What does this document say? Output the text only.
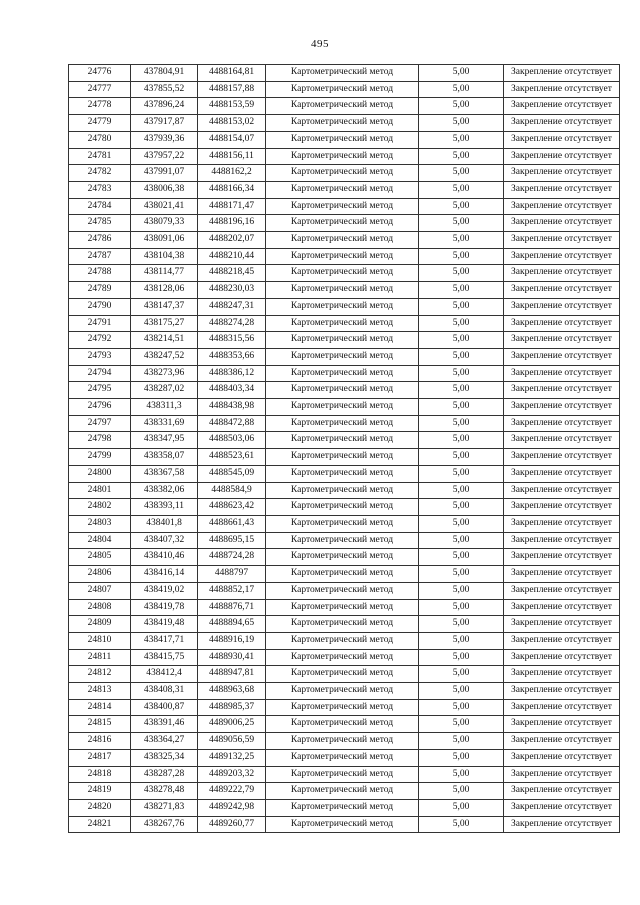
495
24776	437804,91	4488164,81	Картометрический метод	5,00	Закрепление отсутствует
24777	437855,52	4488157,88	Картометрический метод	5,00	Закрепление отсутствует
24778	437896,24	4488153,59	Картометрический метод	5,00	Закрепление отсутствует
24779	437917,87	4488153,02	Картометрический метод	5,00	Закрепление отсутствует
24780	437939,36	4488154,07	Картометрический метод	5,00	Закрепление отсутствует
24781	437957,22	4488156,11	Картометрический метод	5,00	Закрепление отсутствует
24782	437991,07	4488162,2	Картометрический метод	5,00	Закрепление отсутствует
24783	438006,38	4488166,34	Картометрический метод	5,00	Закрепление отсутствует
24784	438021,41	4488171,47	Картометрический метод	5,00	Закрепление отсутствует
24785	438079,33	4488196,16	Картометрический метод	5,00	Закрепление отсутствует
24786	438091,06	4488202,07	Картометрический метод	5,00	Закрепление отсутствует
24787	438104,38	4488210,44	Картометрический метод	5,00	Закрепление отсутствует
24788	438114,77	4488218,45	Картометрический метод	5,00	Закрепление отсутствует
24789	438128,06	4488230,03	Картометрический метод	5,00	Закрепление отсутствует
24790	438147,37	4488247,31	Картометрический метод	5,00	Закрепление отсутствует
24791	438175,27	4488274,28	Картометрический метод	5,00	Закрепление отсутствует
24792	438214,51	4488315,56	Картометрический метод	5,00	Закрепление отсутствует
24793	438247,52	4488353,66	Картометрический метод	5,00	Закрепление отсутствует
24794	438273,96	4488386,12	Картометрический метод	5,00	Закрепление отсутствует
24795	438287,02	4488403,34	Картометрический метод	5,00	Закрепление отсутствует
24796	438311,3	4488438,98	Картометрический метод	5,00	Закрепление отсутствует
24797	438331,69	4488472,88	Картометрический метод	5,00	Закрепление отсутствует
24798	438347,95	4488503,06	Картометрический метод	5,00	Закрепление отсутствует
24799	438358,07	4488523,61	Картометрический метод	5,00	Закрепление отсутствует
24800	438367,58	4488545,09	Картометрический метод	5,00	Закрепление отсутствует
24801	438382,06	4488584,9	Картометрический метод	5,00	Закрепление отсутствует
24802	438393,11	4488623,42	Картометрический метод	5,00	Закрепление отсутствует
24803	438401,8	4488661,43	Картометрический метод	5,00	Закрепление отсутствует
24804	438407,32	4488695,15	Картометрический метод	5,00	Закрепление отсутствует
24805	438410,46	4488724,28	Картометрический метод	5,00	Закрепление отсутствует
24806	438416,14	4488797	Картометрический метод	5,00	Закрепление отсутствует
24807	438419,02	4488852,17	Картометрический метод	5,00	Закрепление отсутствует
24808	438419,78	4488876,71	Картометрический метод	5,00	Закрепление отсутствует
24809	438419,48	4488894,65	Картометрический метод	5,00	Закрепление отсутствует
24810	438417,71	4488916,19	Картометрический метод	5,00	Закрепление отсутствует
24811	438415,75	4488930,41	Картометрический метод	5,00	Закрепление отсутствует
24812	438412,4	4488947,81	Картометрический метод	5,00	Закрепление отсутствует
24813	438408,31	4488963,68	Картометрический метод	5,00	Закрепление отсутствует
24814	438400,87	4488985,37	Картометрический метод	5,00	Закрепление отсутствует
24815	438391,46	4489006,25	Картометрический метод	5,00	Закрепление отсутствует
24816	438364,27	4489056,59	Картометрический метод	5,00	Закрепление отсутствует
24817	438325,34	4489132,25	Картометрический метод	5,00	Закрепление отсутствует
24818	438287,28	4489203,32	Картометрический метод	5,00	Закрепление отсутствует
24819	438278,48	4489222,79	Картометрический метод	5,00	Закрепление отсутствует
24820	438271,83	4489242,98	Картометрический метод	5,00	Закрепление отсутствует
24821	438267,76	4489260,77	Картометрический метод	5,00	Закрепление отсутствует
